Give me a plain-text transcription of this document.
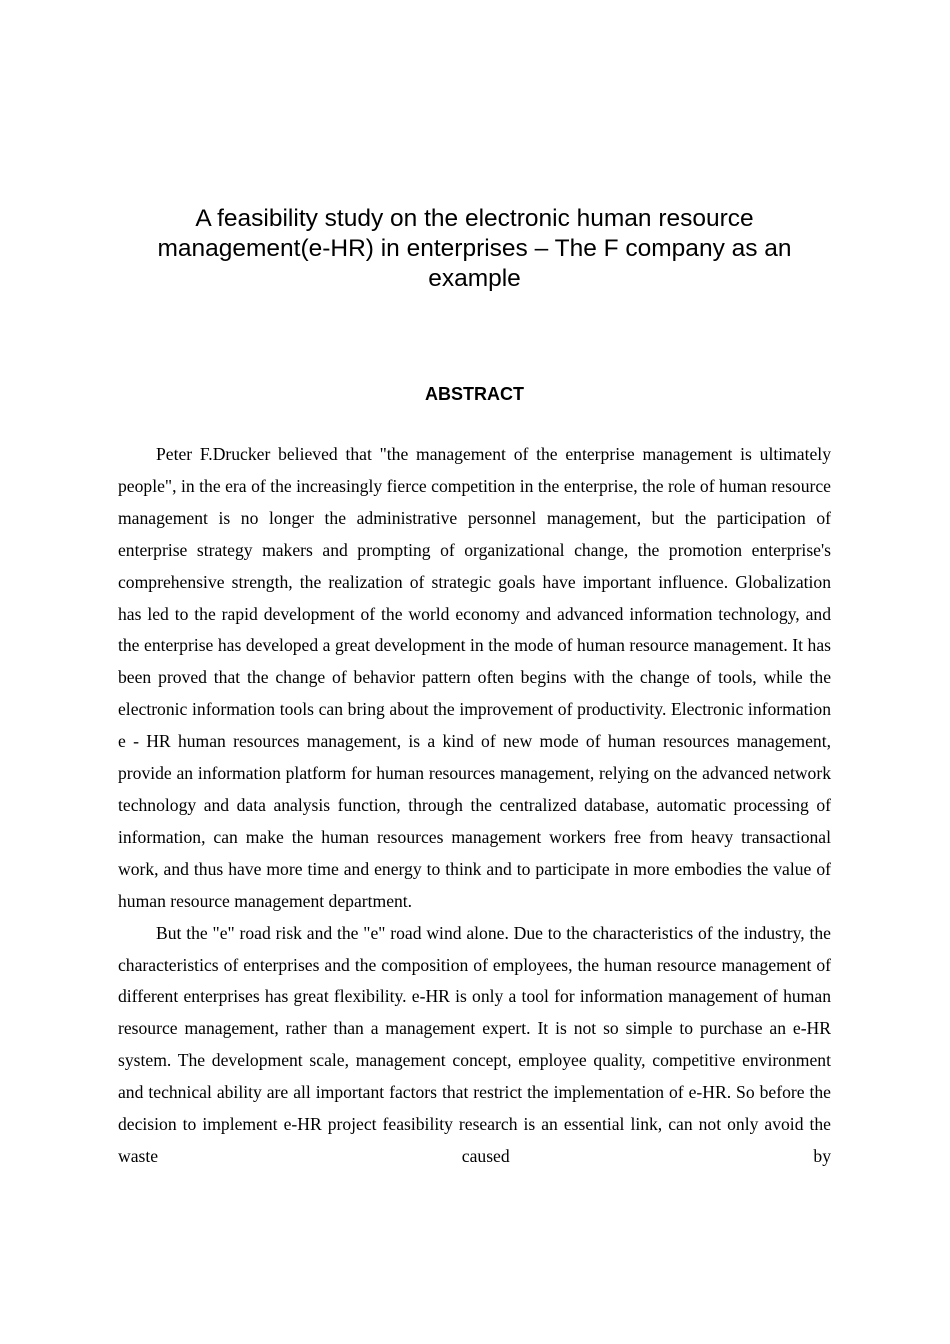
A feasibility study on the electronic human resource management(e-HR) in enterprises – The F company as an example
ABSTRACT

Peter F.Drucker believed that "the management of the enterprise management is ultimately people", in the era of the increasingly fierce competition in the enterprise, the role of human resource management is no longer the administrative personnel management, but the participation of enterprise strategy makers and prompting of organizational change, the promotion enterprise's comprehensive strength, the realization of strategic goals have important influence. Globalization has led to the rapid development of the world economy and advanced information technology, and the enterprise has developed a great development in the mode of human resource management. It has been proved that the change of behavior pattern often begins with the change of tools, while the electronic information tools can bring about the improvement of productivity. Electronic information e - HR human resources management, is a kind of new mode of human resources management, provide an information platform for human resources management, relying on the advanced network technology and data analysis function, through the centralized database, automatic processing of information, can make the human resources management workers free from heavy transactional work, and thus have more time and energy to think and to participate in more embodies the value of human resource management department.

But the "e" road risk and the "e" road wind alone. Due to the characteristics of the industry, the characteristics of enterprises and the composition of employees, the human resource management of different enterprises has great flexibility. e-HR is only a tool for information management of human resource management, rather than a management expert. It is not so simple to purchase an e-HR system. The development scale, management concept, employee quality, competitive environment and technical ability are all important factors that restrict the implementation of e-HR. So before the decision to implement e-HR project feasibility research is an essential link, can not only avoid the waste caused by
